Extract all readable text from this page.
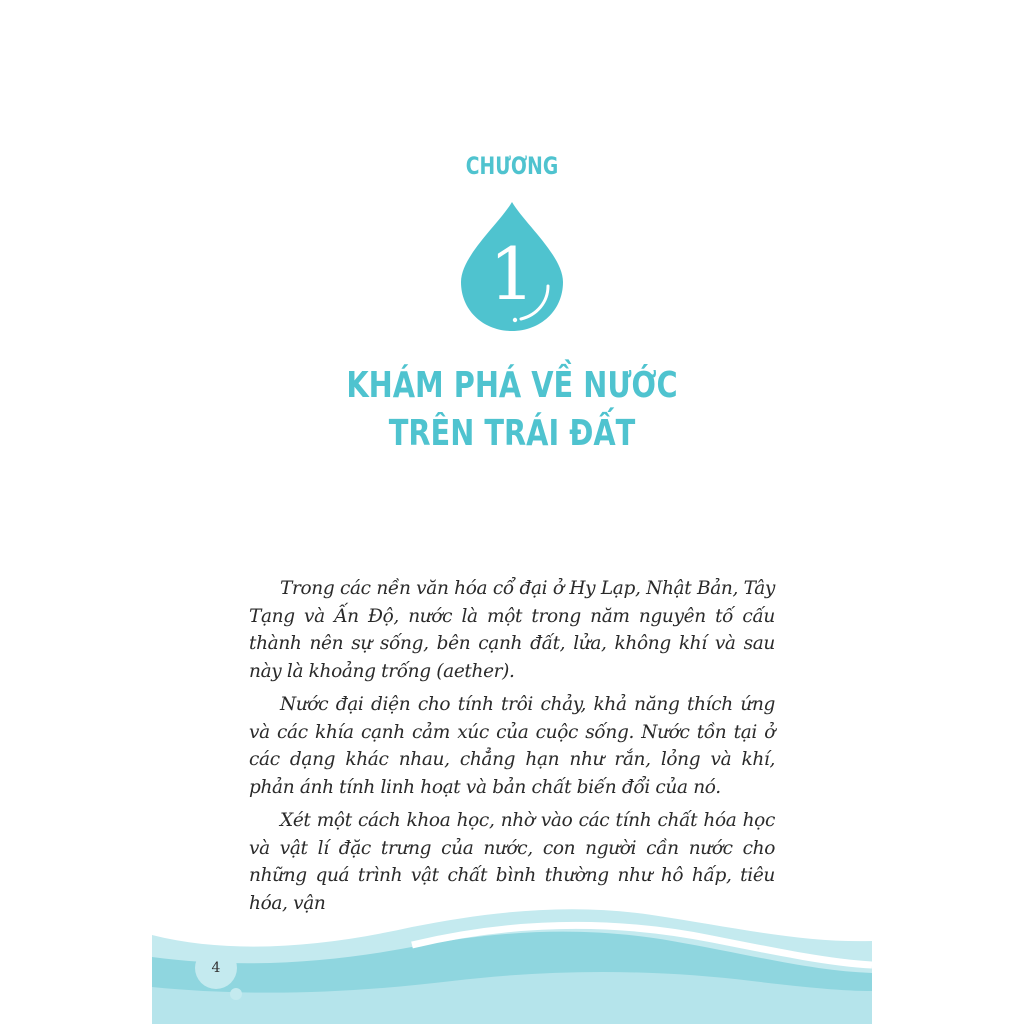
CHƯƠNG
1
KHÁM PHÁ VỀ NƯỚC
TRÊN TRÁI ĐẤT

Trong các nền văn hóa cổ đại ở Hy Lạp, Nhật Bản, Tây Tạng và Ấn Độ, nước là một trong năm nguyên tố cấu thành nên sự sống, bên cạnh đất, lửa, không khí và sau này là khoảng trống (aether).

Nước đại diện cho tính trôi chảy, khả năng thích ứng và các khía cạnh cảm xúc của cuộc sống. Nước tồn tại ở các dạng khác nhau, chẳng hạn như rắn, lỏng và khí, phản ánh tính linh hoạt và bản chất biến đổi của nó.

Xét một cách khoa học, nhờ vào các tính chất hóa học và vật lí đặc trưng của nước, con người cần nước cho những quá trình vật chất bình thường như hô hấp, tiêu hóa, vận

4
